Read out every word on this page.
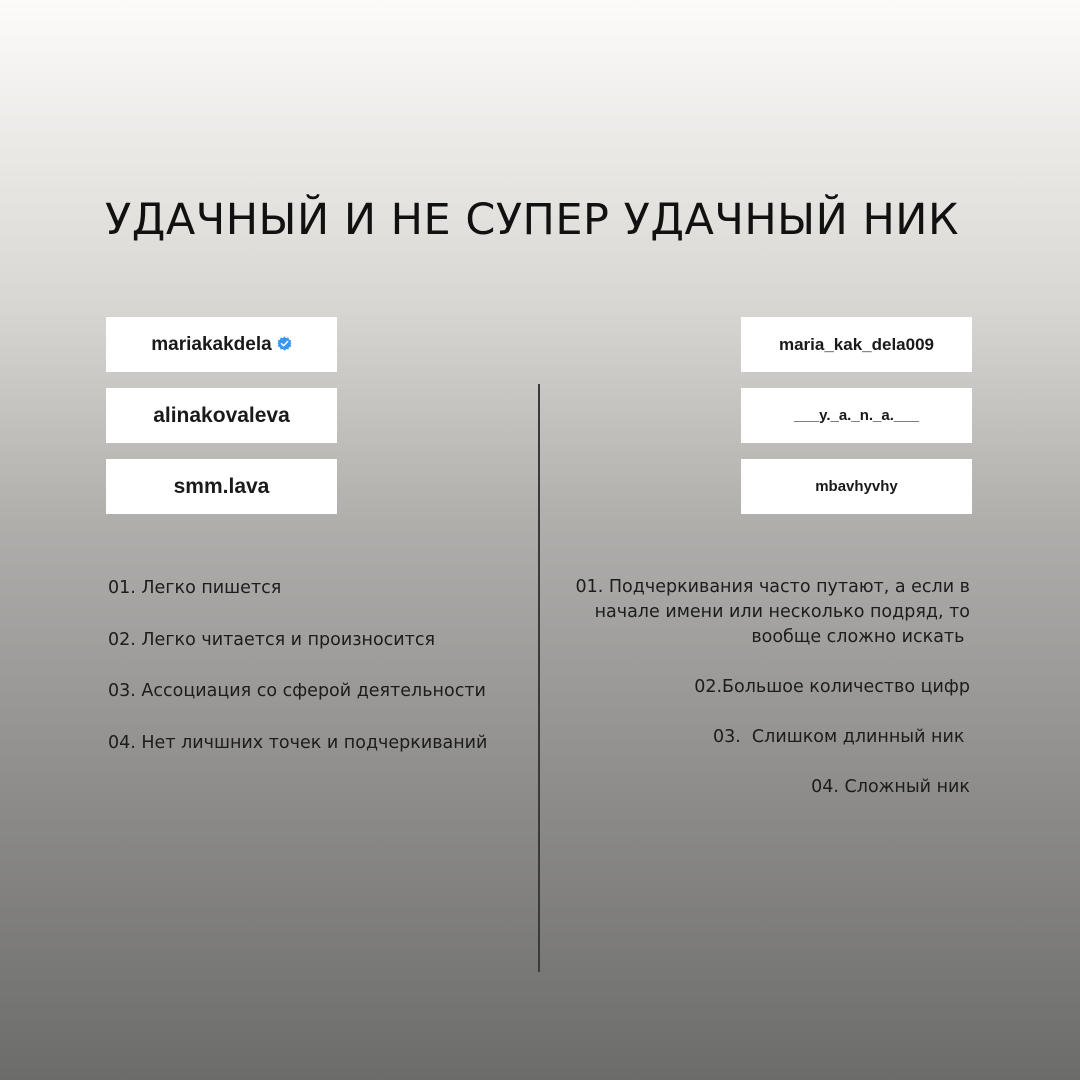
УДАЧНЫЙ И НЕ СУПЕР УДАЧНЫЙ НИК
mariakakdela
alinakovaleva
smm.lava
maria_kak_dela009
___y._a._n._a.___
mbavhyvhy
01. Легко пишется
02. Легко читается и произносится
03. Ассоциация со сферой деятельности
04. Нет личшних точек и подчеркиваний
01. Подчеркивания часто путают, а если в
начале имени или несколько подряд, то
вообще сложно искать
02.Большое количество цифр
03.  Слишком длинный ник
04. Сложный ник
